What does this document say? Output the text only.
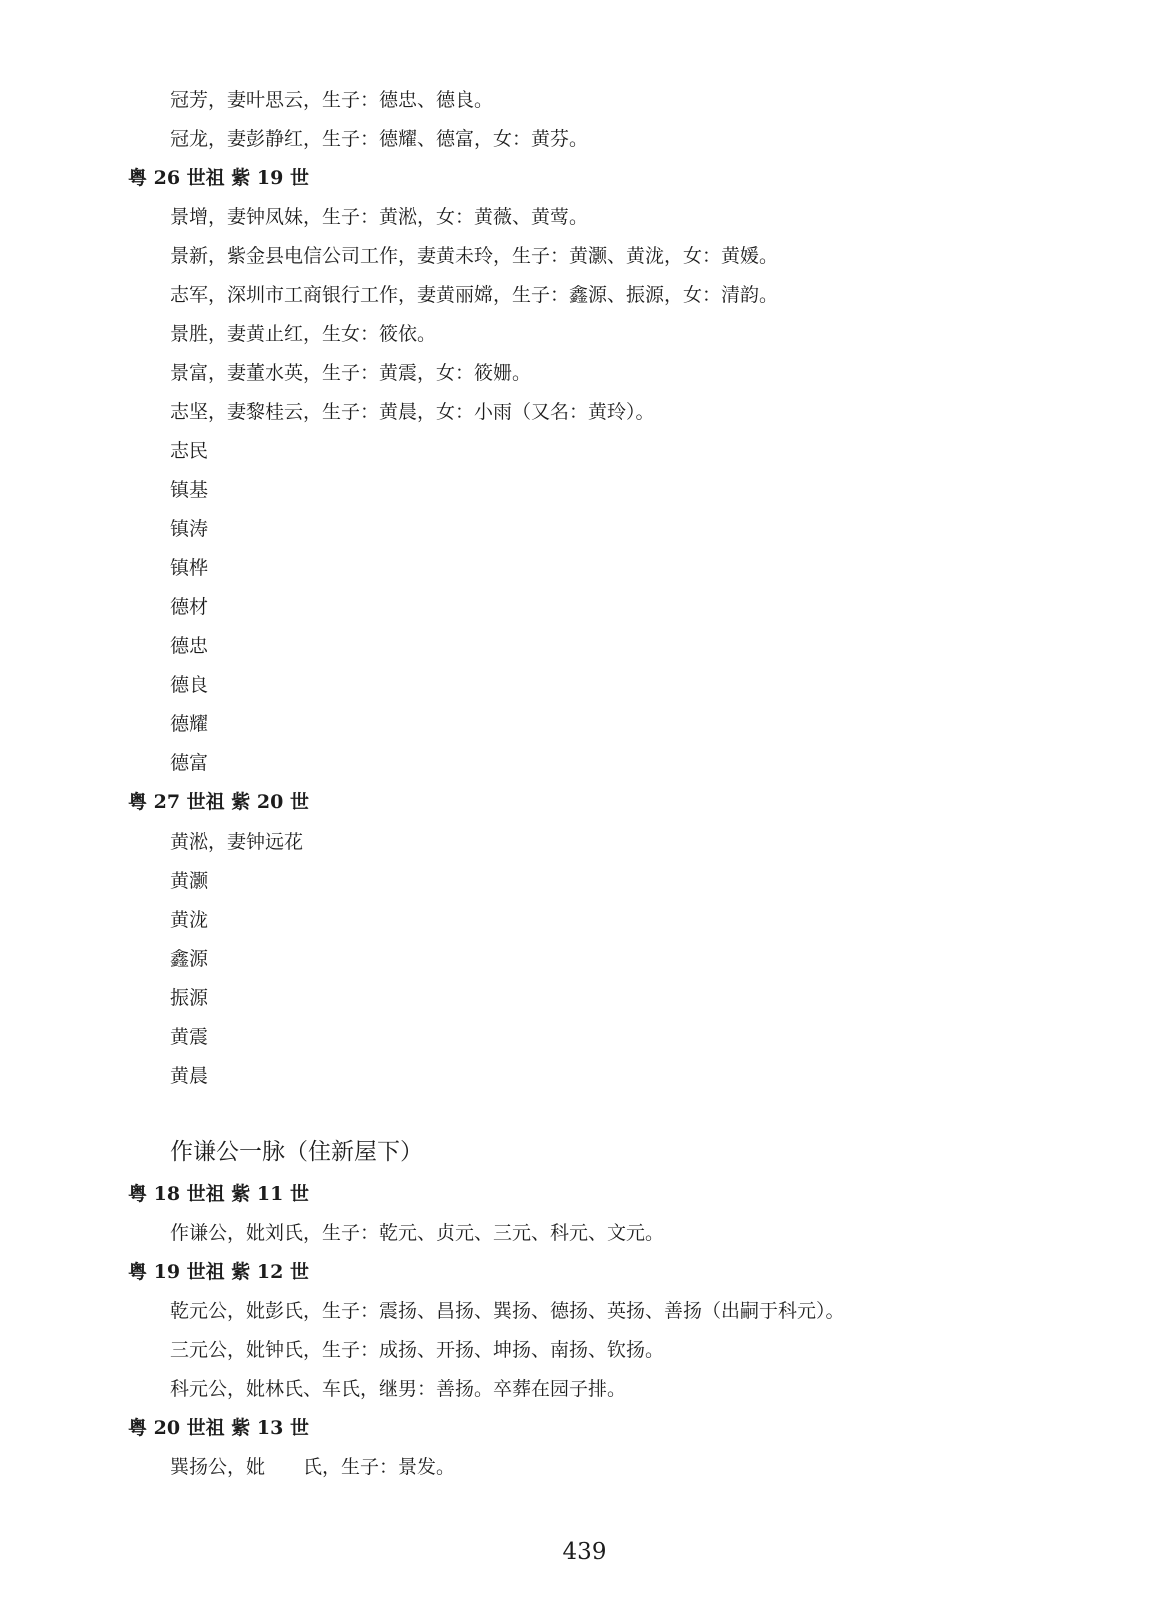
冠芳，妻叶思云，生子：德忠、德良。
冠龙，妻彭静红，生子：德耀、德富，女：黄芬。
粤 26 世祖 紫 19 世
景增，妻钟凤妹，生子：黄淞，女：黄薇、黄莺。
景新，紫金县电信公司工作，妻黄未玲，生子：黄灏、黄泷，女：黄媛。
志军，深圳市工商银行工作，妻黄丽嫦，生子：鑫源、振源，女：清韵。
景胜，妻黄止红，生女：筱依。
景富，妻董水英，生子：黄震，女：筱姗。
志坚，妻黎桂云，生子：黄晨，女：小雨（又名：黄玲）。
志民
镇基
镇涛
镇桦
德材
德忠
德良
德耀
德富
粤 27 世祖 紫 20 世
黄淞，妻钟远花
黄灏
黄泷
鑫源
振源
黄震
黄晨
作谦公一脉（住新屋下）
粤 18 世祖 紫 11 世
作谦公，妣刘氏，生子：乾元、贞元、三元、科元、文元。
粤 19 世祖 紫 12 世
乾元公，妣彭氏，生子：震扬、昌扬、巽扬、德扬、英扬、善扬（出嗣于科元）。
三元公，妣钟氏，生子：成扬、开扬、坤扬、南扬、钦扬。
科元公，妣林氏、车氏，继男：善扬。卒葬在园子排。
粤 20 世祖 紫 13 世
巽扬公，妣　　氏，生子：景发。
439
